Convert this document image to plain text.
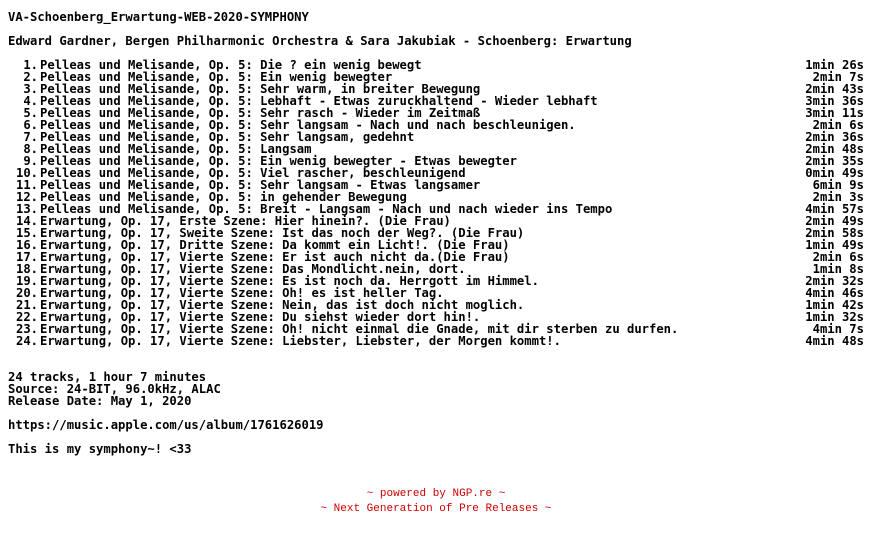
VA-Schoenberg_Erwartung-WEB-2020-SYMPHONY
Edward Gardner, Bergen Philharmonic Orchestra & Sara Jakubiak - Schoenberg: Erwartung
1. Pelleas und Melisande, Op. 5: Die ? ein wenig bewegt	1min 26s
2. Pelleas und Melisande, Op. 5: Ein wenig bewegter	2min 7s
3. Pelleas und Melisande, Op. 5: Sehr warm, in breiter Bewegung	2min 43s
4. Pelleas und Melisande, Op. 5: Lebhaft - Etwas zuruckhaltend - Wieder lebhaft	3min 36s
5. Pelleas und Melisande, Op. 5: Sehr rasch - Wieder im Zeitmaß	3min 11s
6. Pelleas und Melisande, Op. 5: Sehr langsam - Nach und nach beschleunigen.	2min 6s
7. Pelleas und Melisande, Op. 5: Sehr langsam, gedehnt	2min 36s
8. Pelleas und Melisande, Op. 5: Langsam	2min 48s
9. Pelleas und Melisande, Op. 5: Ein wenig bewegter - Etwas bewegter	2min 35s
10. Pelleas und Melisande, Op. 5: Viel rascher, beschleunigend	0min 49s
11. Pelleas und Melisande, Op. 5: Sehr langsam - Etwas langsamer	6min 9s
12. Pelleas und Melisande, Op. 5: in gehender Bewegung	2min 3s
13. Pelleas und Melisande, Op. 5: Breit - Langsam - Nach und nach wieder ins Tempo	4min 57s
14. Erwartung, Op. 17, Erste Szene: Hier hinein?. (Die Frau)	2min 49s
15. Erwartung, Op. 17, Sweite Szene: Ist das noch der Weg?. (Die Frau)	2min 58s
16. Erwartung, Op. 17, Dritte Szene: Da kommt ein Licht!. (Die Frau)	1min 49s
17. Erwartung, Op. 17, Vierte Szene: Er ist auch nicht da.(Die Frau)	2min 6s
18. Erwartung, Op. 17, Vierte Szene: Das Mondlicht.nein, dort.	1min 8s
19. Erwartung, Op. 17, Vierte Szene: Es ist noch da. Herrgott im Himmel.	2min 32s
20. Erwartung, Op. 17, Vierte Szene: Oh! es ist heller Tag.	4min 46s
21. Erwartung, Op. 17, Vierte Szene: Nein, das ist doch nicht moglich.	1min 42s
22. Erwartung, Op. 17, Vierte Szene: Du siehst wieder dort hin!.	1min 32s
23. Erwartung, Op. 17, Vierte Szene: Oh! nicht einmal die Gnade, mit dir sterben zu durfen.	4min 7s
24. Erwartung, Op. 17, Vierte Szene: Liebster, Liebster, der Morgen kommt!.	4min 48s
24 tracks, 1 hour 7 minutes
Source: 24-BIT, 96.0kHz, ALAC
Release Date: May 1, 2020
https://music.apple.com/us/album/1761626019
This is my symphony~! <33
~ powered by NGP.re ~
~ Next Generation of Pre Releases ~
